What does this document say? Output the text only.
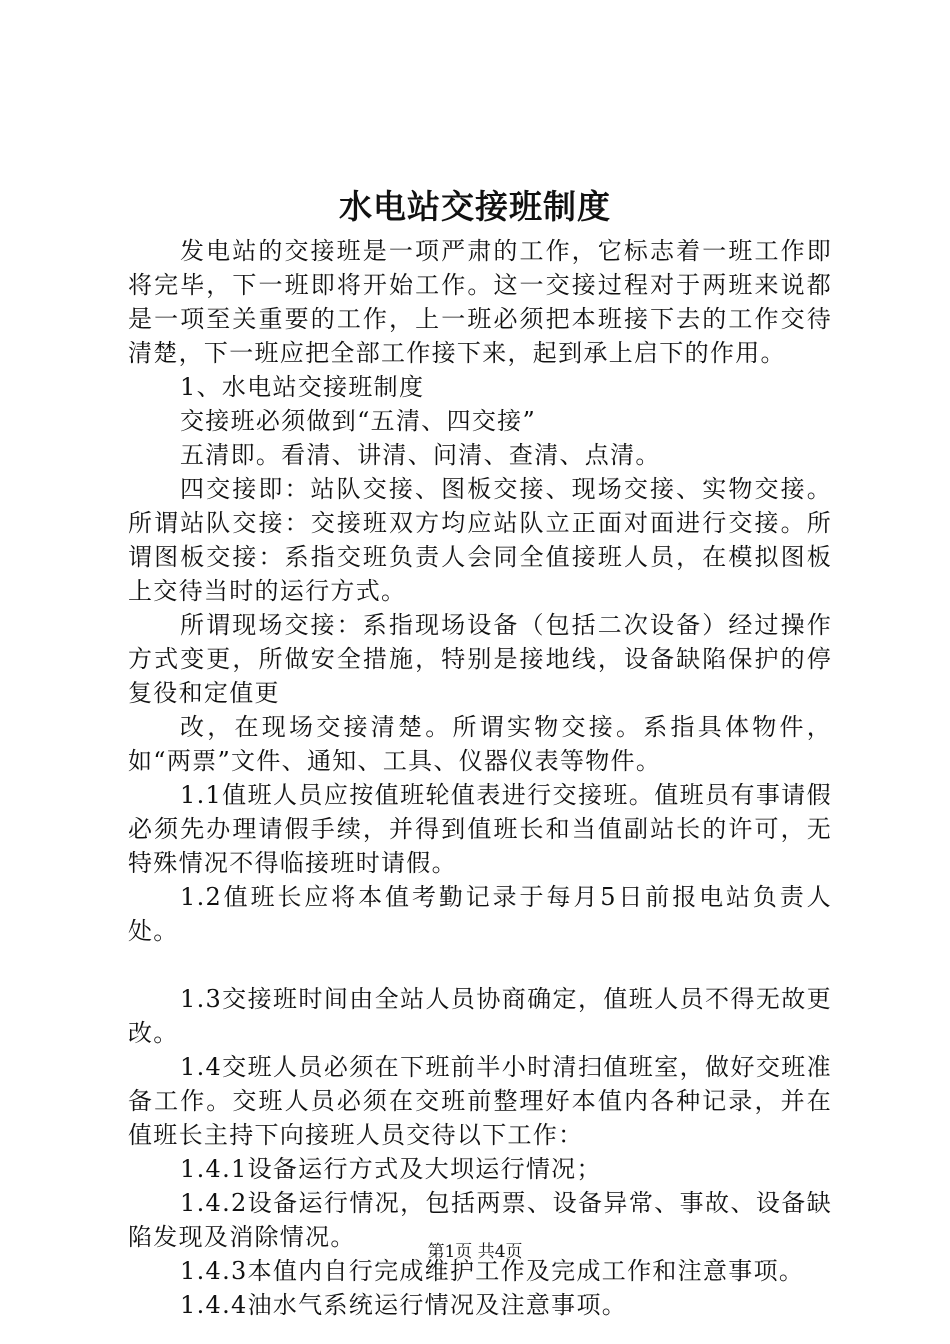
水电站交接班制度

发电站的交接班是一项严肃的工作，它标志着一班工作即将完毕，下一班即将开始工作。这一交接过程对于两班来说都是一项至关重要的工作，上一班必须把本班接下去的工作交待清楚，下一班应把全部工作接下来，起到承上启下的作用。

1、水电站交接班制度

交接班必须做到“五清、四交接”

五清即。看清、讲清、问清、查清、点清。

四交接即：站队交接、图板交接、现场交接、实物交接。所谓站队交接：交接班双方均应站队立正面对面进行交接。所谓图板交接：系指交班负责人会同全值接班人员，在模拟图板上交待当时的运行方式。

所谓现场交接：系指现场设备（包括二次设备）经过操作方式变更，所做安全措施，特别是接地线，设备缺陷保护的停复役和定值更

改，在现场交接清楚。所谓实物交接。系指具体物件，如“两票”文件、通知、工具、仪器仪表等物件。

1.1值班人员应按值班轮值表进行交接班。值班员有事请假必须先办理请假手续，并得到值班长和当值副站长的许可，无特殊情况不得临接班时请假。

1.2值班长应将本值考勤记录于每月5日前报电站负责人处。

1.3交接班时间由全站人员协商确定，值班人员不得无故更改。

1.4交班人员必须在下班前半小时清扫值班室，做好交班准备工作。交班人员必须在交班前整理好本值内各种记录，并在值班长主持下向接班人员交待以下工作：

1.4.1设备运行方式及大坝运行情况；

1.4.2设备运行情况，包括两票、设备异常、事故、设备缺陷发现及消除情况。

1.4.3本值内自行完成维护工作及完成工作和注意事项。

1.4.4油水气系统运行情况及注意事项。

第1页 共4页
